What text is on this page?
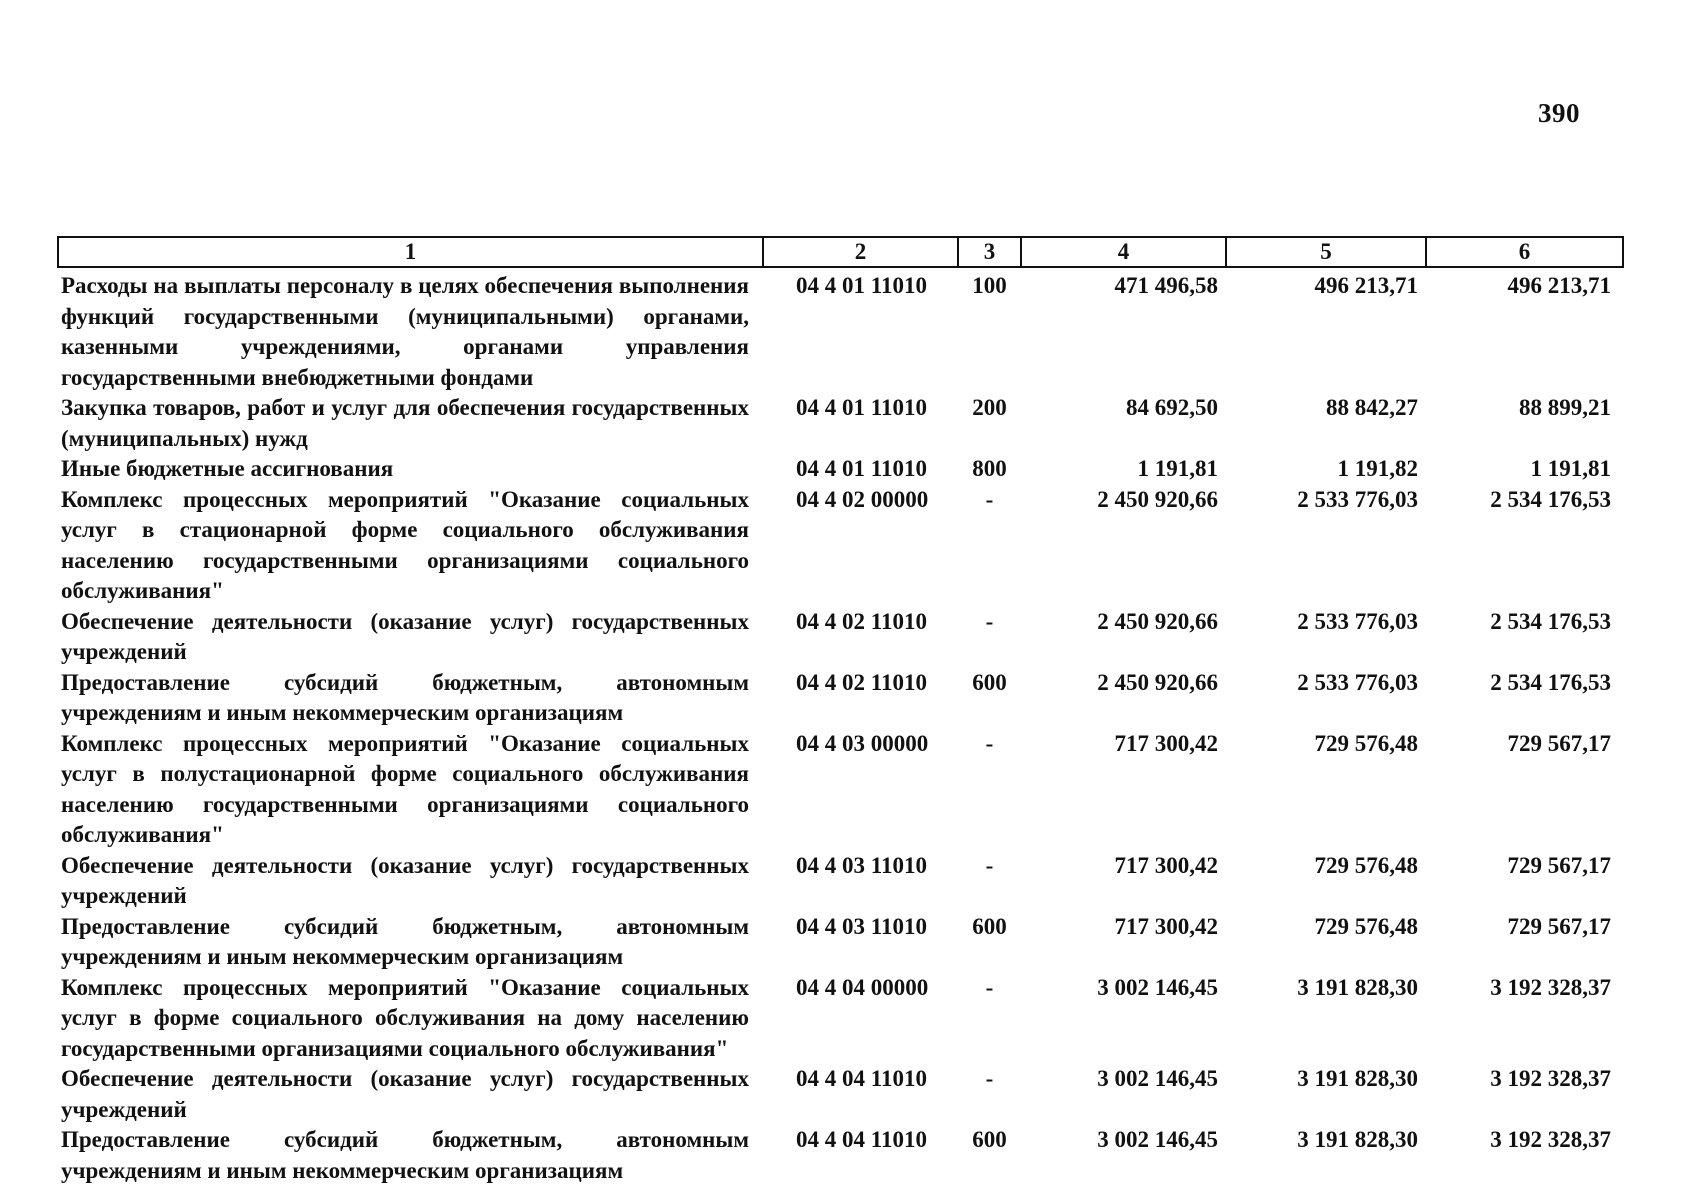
390
1	2	3	4	5	6
Расходы на выплаты персоналу в целях обеспечения выполнения функций государственными (муниципальными) органами, казенными учреждениями, органами управления государственными внебюджетными фондами	04 4 01 11010	100	471 496,58	496 213,71	496 213,71
Закупка товаров, работ и услуг для обеспечения государственных (муниципальных) нужд	04 4 01 11010	200	84 692,50	88 842,27	88 899,21
Иные бюджетные ассигнования	04 4 01 11010	800	1 191,81	1 191,82	1 191,81
Комплекс процессных мероприятий "Оказание социальных услуг в стационарной форме социального обслуживания населению государственными организациями социального обслуживания"	04 4 02 00000	-	2 450 920,66	2 533 776,03	2 534 176,53
Обеспечение деятельности (оказание услуг) государственных учреждений	04 4 02 11010	-	2 450 920,66	2 533 776,03	2 534 176,53
Предоставление субсидий бюджетным, автономным учреждениям и иным некоммерческим организациям	04 4 02 11010	600	2 450 920,66	2 533 776,03	2 534 176,53
Комплекс процессных мероприятий "Оказание социальных услуг в полустационарной форме социального обслуживания населению государственными организациями социального обслуживания"	04 4 03 00000	-	717 300,42	729 576,48	729 567,17
Обеспечение деятельности (оказание услуг) государственных учреждений	04 4 03 11010	-	717 300,42	729 576,48	729 567,17
Предоставление субсидий бюджетным, автономным учреждениям и иным некоммерческим организациям	04 4 03 11010	600	717 300,42	729 576,48	729 567,17
Комплекс процессных мероприятий "Оказание социальных услуг в форме социального обслуживания на дому населению государственными организациями социального обслуживания"	04 4 04 00000	-	3 002 146,45	3 191 828,30	3 192 328,37
Обеспечение деятельности (оказание услуг) государственных учреждений	04 4 04 11010	-	3 002 146,45	3 191 828,30	3 192 328,37
Предоставление субсидий бюджетным, автономным учреждениям и иным некоммерческим организациям	04 4 04 11010	600	3 002 146,45	3 191 828,30	3 192 328,37
